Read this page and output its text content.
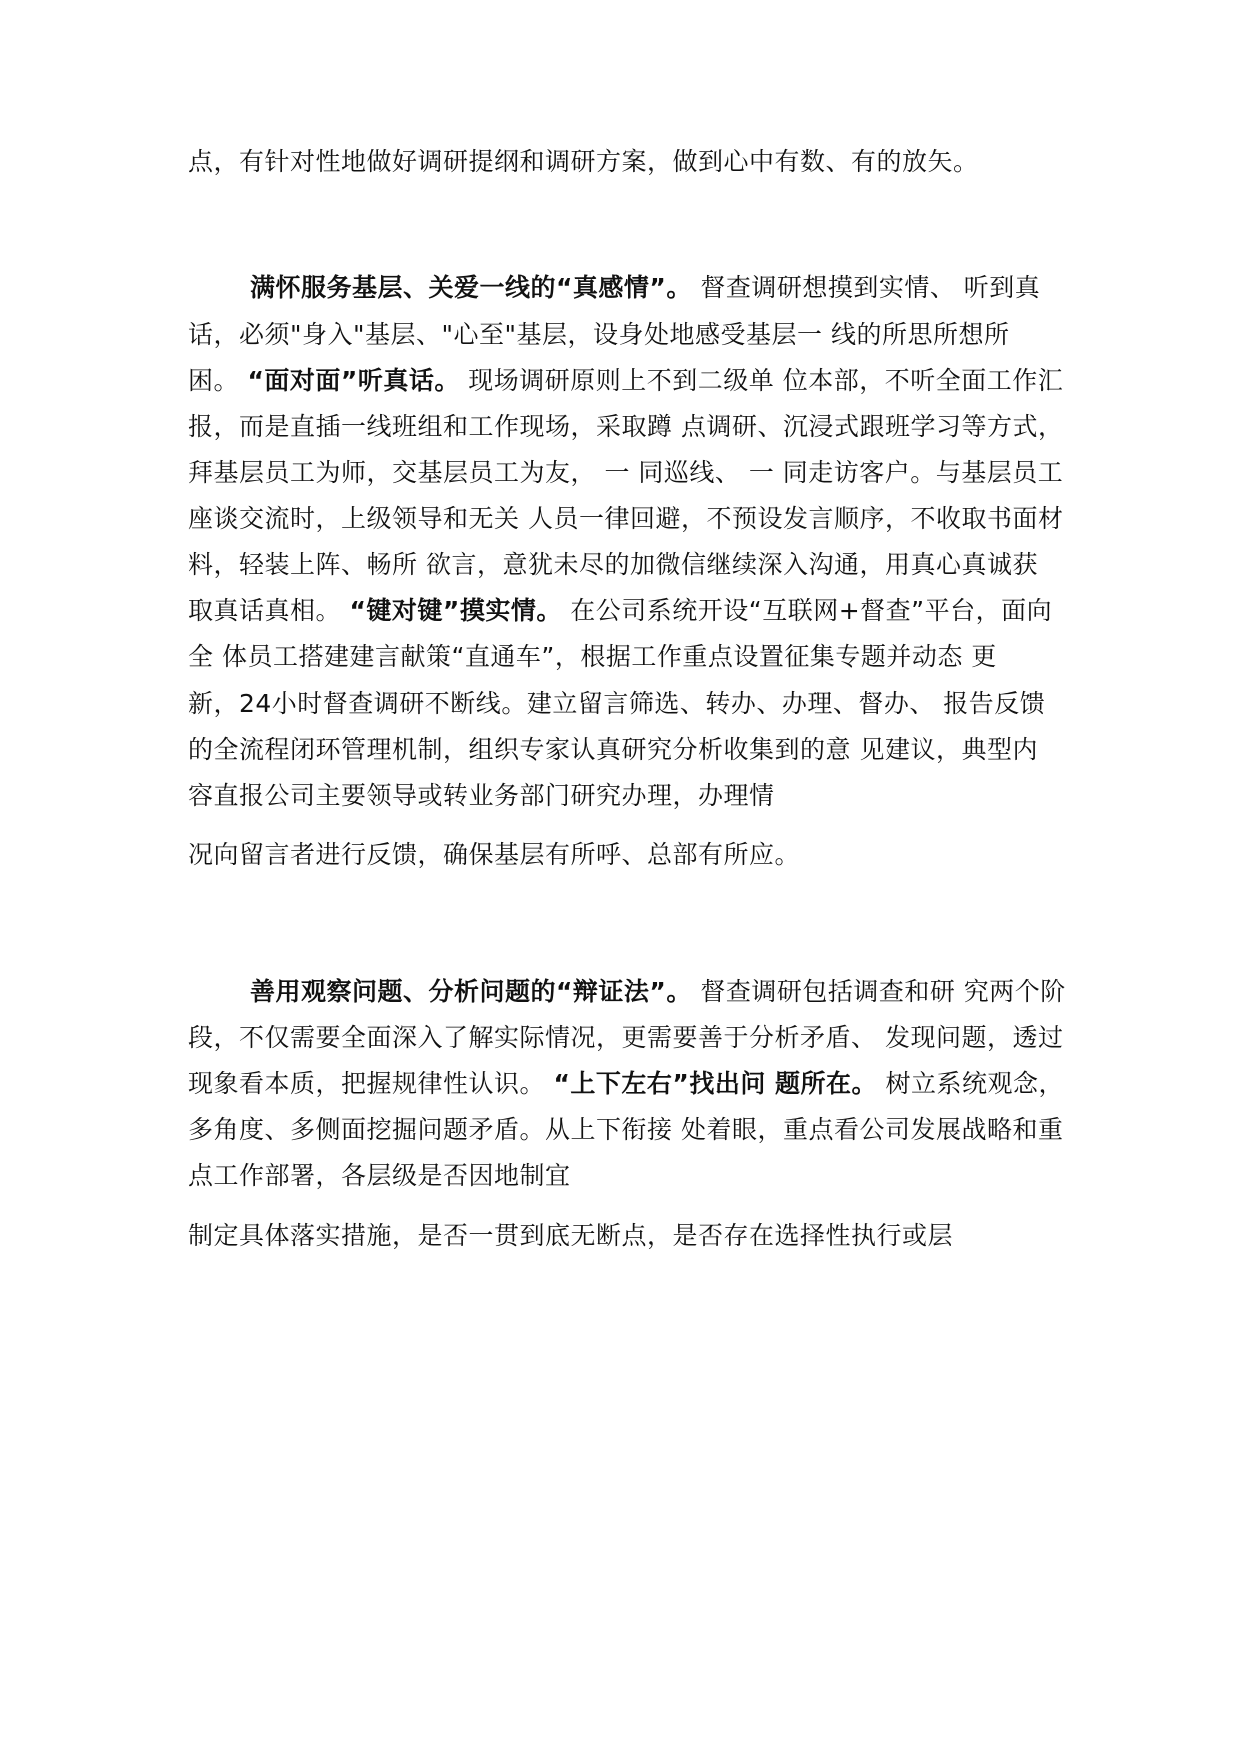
点，有针对性地做好调研提纲和调研方案，做到心中有数、有的放矢。
满怀服务基层、关爱一线的“真感情”。 督查调研想摸到实情、 听到真
话，必须"身入"基层、"心至"基层，设身处地感受基层一 线的所思所想所
困。 “面对面”听真话。 现场调研原则上不到二级单 位本部，不听全面工作汇
报，而是直插一线班组和工作现场，采取蹲 点调研、沉浸式跟班学习等方式，
拜基层员工为师，交基层员工为友， 一 同巡线、 一 同走访客户。与基层员工
座谈交流时，上级领导和无关 人员一律回避，不预设发言顺序，不收取书面材
料，轻装上阵、畅所 欲言，意犹未尽的加微信继续深入沟通，用真心真诚获
取真话真相。 “键对键”摸实情。 在公司系统开设“互联网+督查”平台，面向
全 体员工搭建建言献策“直通车”，根据工作重点设置征集专题并动态 更
新，24小时督查调研不断线。建立留言筛选、转办、办理、督办、 报告反馈
的全流程闭环管理机制，组织专家认真研究分析收集到的意 见建议，典型内
容直报公司主要领导或转业务部门研究办理，办理情
况向留言者进行反馈，确保基层有所呼、总部有所应。
善用观察问题、分析问题的“辩证法”。 督查调研包括调查和研 究两个阶
段，不仅需要全面深入了解实际情况，更需要善于分析矛盾、 发现问题，透过
现象看本质，把握规律性认识。 “上下左右”找出问 题所在。 树立系统观念，
多角度、多侧面挖掘问题矛盾。从上下衔接 处着眼，重点看公司发展战略和重
点工作部署，各层级是否因地制宜
制定具体落实措施，是否一贯到底无断点，是否存在选择性执行或层
